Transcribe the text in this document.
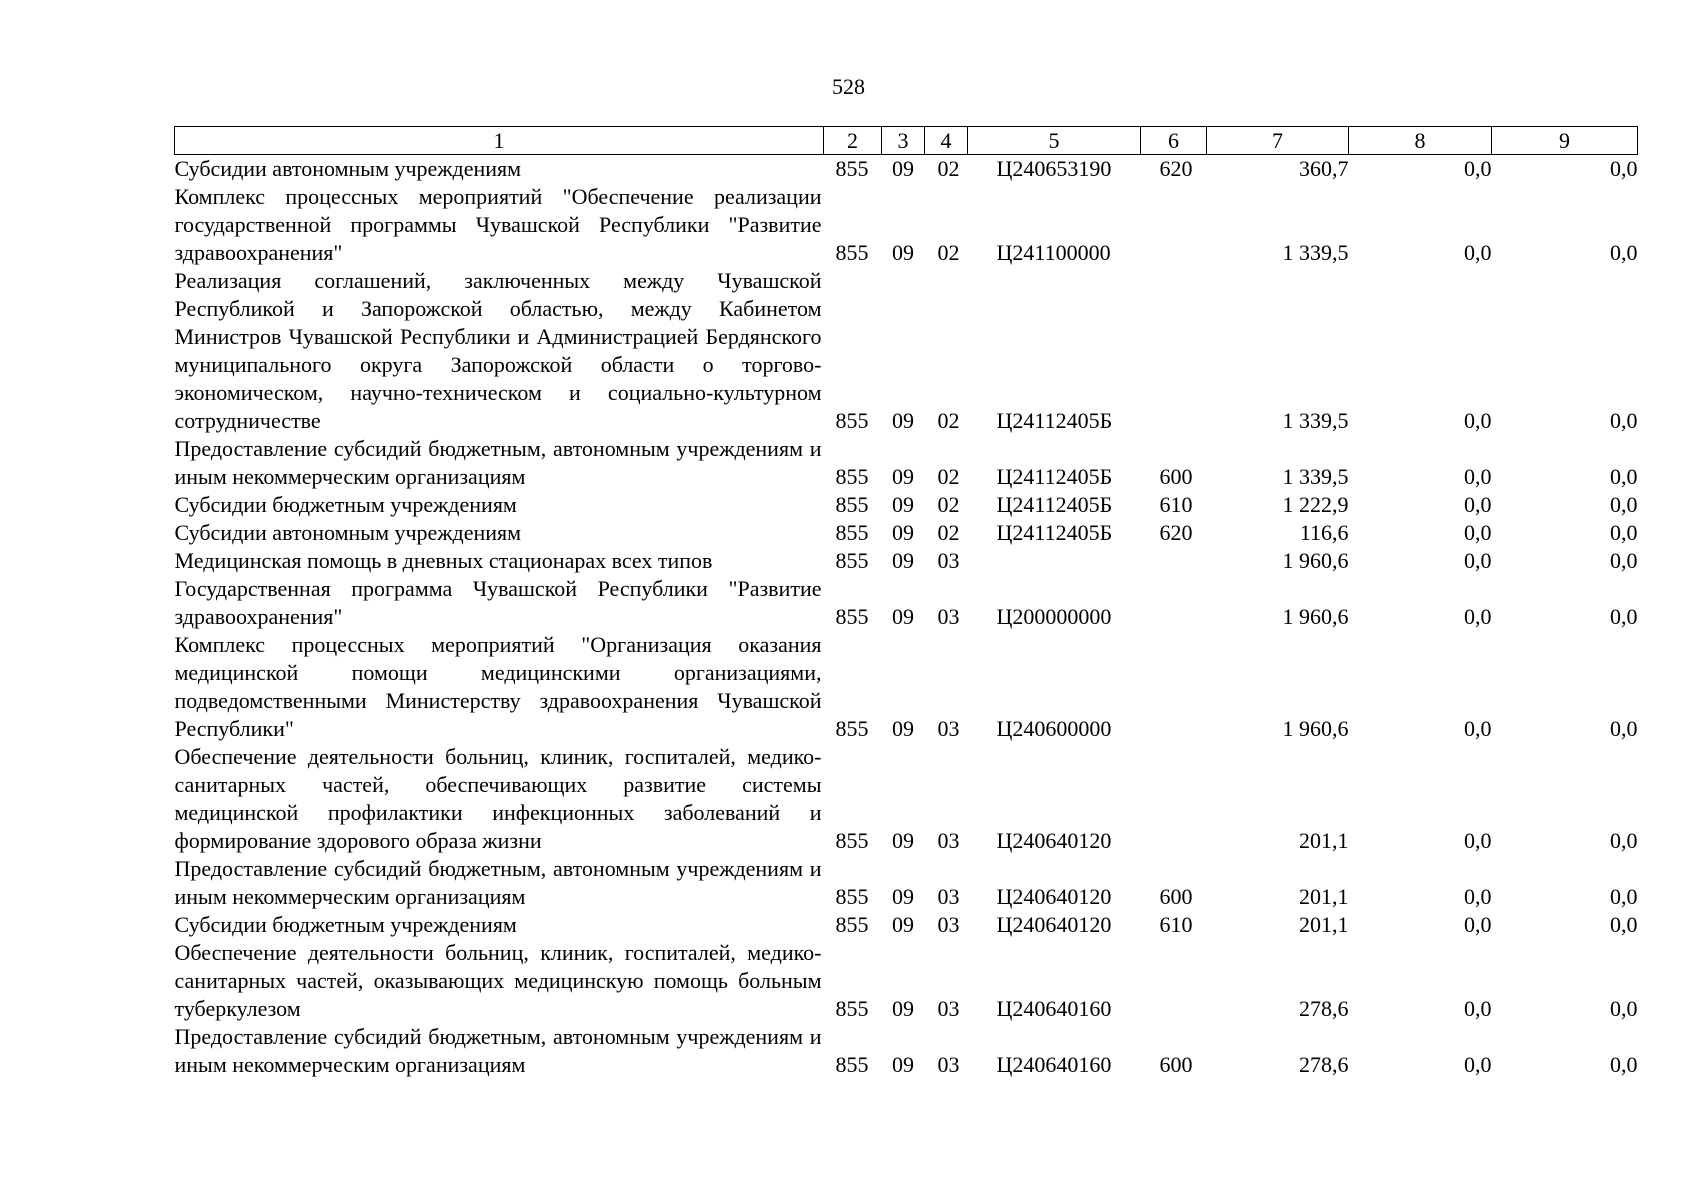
528
1	2	3	4	5	6	7	8	9
Субсидии автономным учреждениям	855	09	02	Ц240653190	620	360,7	0,0	0,0
Комплекс процессных мероприятий "Обеспечение реализации государственной программы Чувашской Республики "Развитие здравоохранения"	855	09	02	Ц241100000		1 339,5	0,0	0,0
Реализация соглашений, заключенных между Чувашской Республикой и Запорожской областью, между Кабинетом Министров Чувашской Республики и Администрацией Бердянского муниципального округа Запорожской области о торгово-экономическом, научно-техническом и социально-культурном сотрудничестве	855	09	02	Ц24112405Б		1 339,5	0,0	0,0
Предоставление субсидий бюджетным, автономным учреждениям и иным некоммерческим организациям	855	09	02	Ц24112405Б	600	1 339,5	0,0	0,0
Субсидии бюджетным учреждениям	855	09	02	Ц24112405Б	610	1 222,9	0,0	0,0
Субсидии автономным учреждениям	855	09	02	Ц24112405Б	620	116,6	0,0	0,0
Медицинская помощь в дневных стационарах всех типов	855	09	03			1 960,6	0,0	0,0
Государственная программа Чувашской Республики "Развитие здравоохранения"	855	09	03	Ц200000000		1 960,6	0,0	0,0
Комплекс процессных мероприятий "Организация оказания медицинской помощи медицинскими организациями, подведомственными Министерству здравоохранения Чувашской Республики"	855	09	03	Ц240600000		1 960,6	0,0	0,0
Обеспечение деятельности больниц, клиник, госпиталей, медико-санитарных частей, обеспечивающих развитие системы медицинской профилактики инфекционных заболеваний и формирование здорового образа жизни	855	09	03	Ц240640120		201,1	0,0	0,0
Предоставление субсидий бюджетным, автономным учреждениям и иным некоммерческим организациям	855	09	03	Ц240640120	600	201,1	0,0	0,0
Субсидии бюджетным учреждениям	855	09	03	Ц240640120	610	201,1	0,0	0,0
Обеспечение деятельности больниц, клиник, госпиталей, медико-санитарных частей, оказывающих медицинскую помощь больным туберкулезом	855	09	03	Ц240640160		278,6	0,0	0,0
Предоставление субсидий бюджетным, автономным учреждениям и иным некоммерческим организациям	855	09	03	Ц240640160	600	278,6	0,0	0,0
